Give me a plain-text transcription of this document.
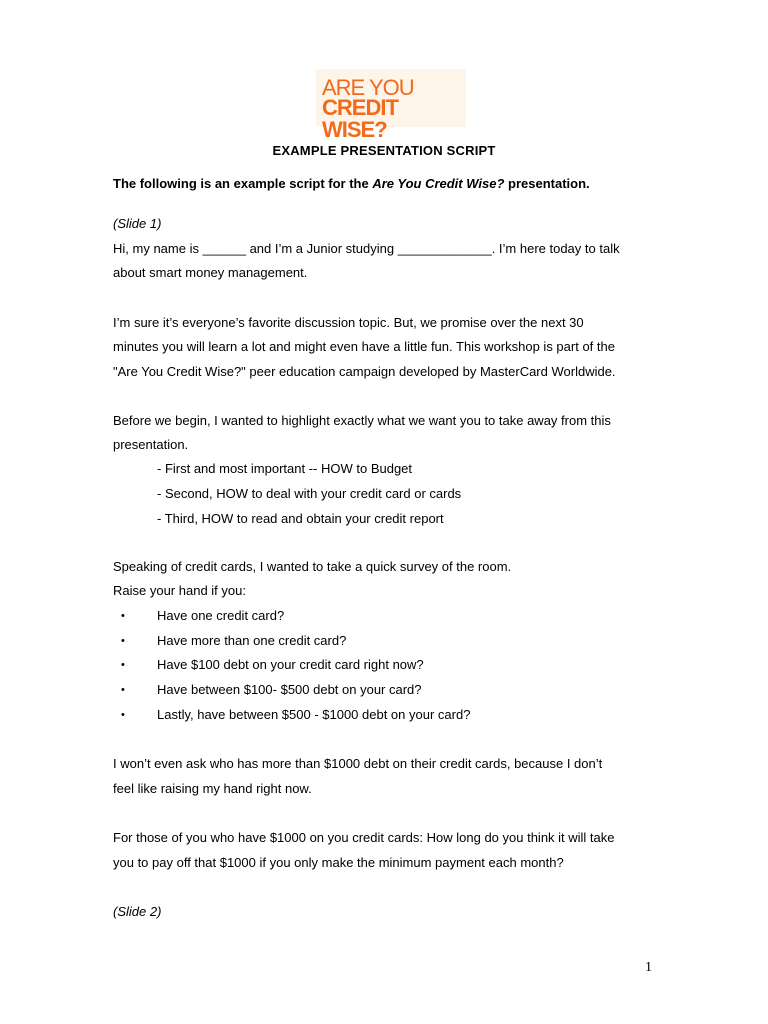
ARE YOU
CREDIT WISE?
EXAMPLE PRESENTATION SCRIPT
The following is an example script for the Are You Credit Wise? presentation.
(Slide 1)
Hi, my name is ______ and I’m a Junior studying _____________. I’m here today to talk
about smart money management.
I’m sure it’s everyone’s favorite discussion topic. But, we promise over the next 30
minutes you will learn a lot and might even have a little fun. This workshop is part of the
"Are You Credit Wise?" peer education campaign developed by MasterCard Worldwide.
Before we begin, I wanted to highlight exactly what we want you to take away from this
presentation.
- First and most important -- HOW to Budget
- Second, HOW to deal with your credit card or cards
- Third, HOW to read and obtain your credit report
Speaking of credit cards, I wanted to take a quick survey of the room.
Raise your hand if you:
• Have one credit card?
• Have more than one credit card?
• Have $100 debt on your credit card right now?
• Have between $100- $500 debt on your card?
• Lastly, have between $500 - $1000 debt on your card?
I won’t even ask who has more than $1000 debt on their credit cards, because I don’t
feel like raising my hand right now.
For those of you who have $1000 on you credit cards: How long do you think it will take
you to pay off that $1000 if you only make the minimum payment each month?
(Slide 2)
1
